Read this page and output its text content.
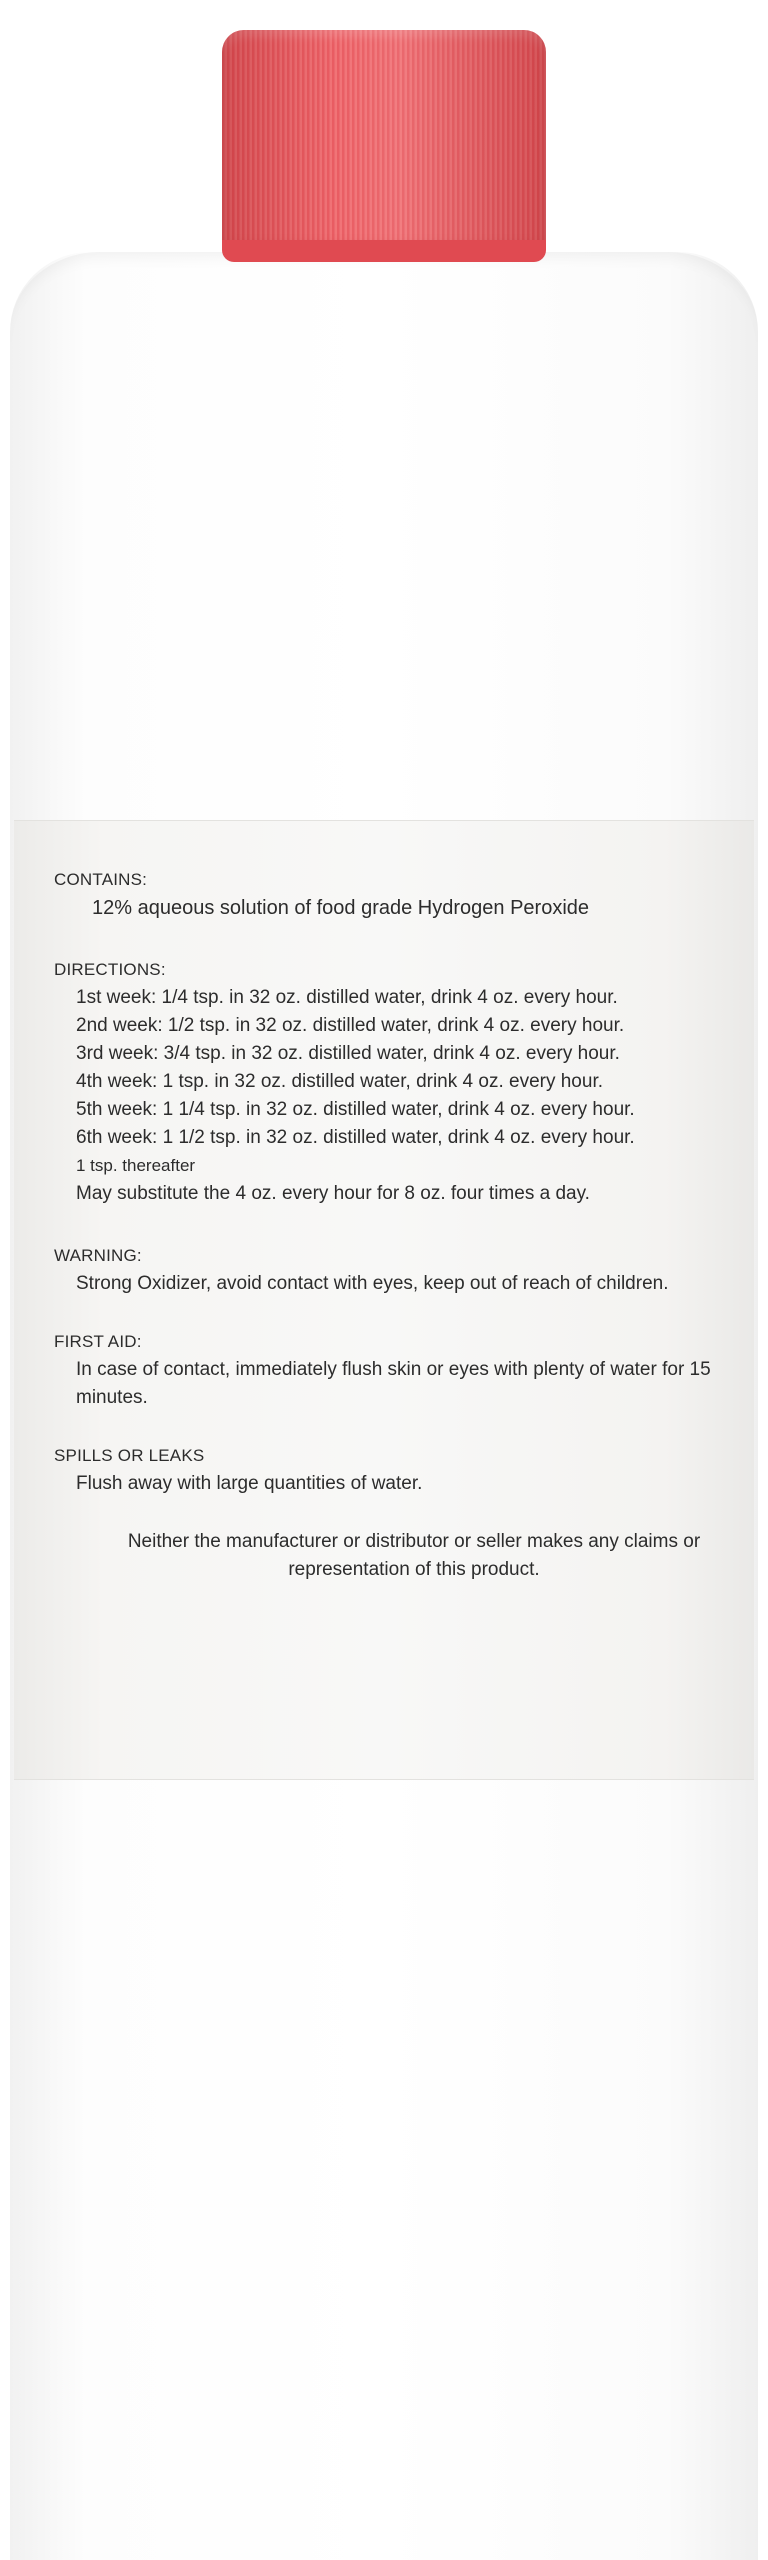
CONTAINS:

12% aqueous solution of food grade Hydrogen Peroxide

DIRECTIONS:

1st week: 1/4 tsp. in 32 oz. distilled water, drink 4 oz. every hour.

2nd week: 1/2 tsp. in 32 oz. distilled water, drink 4 oz. every hour.

3rd week: 3/4 tsp. in 32 oz. distilled water, drink 4 oz. every hour.

4th week: 1 tsp. in 32 oz. distilled water, drink 4 oz. every hour.

5th week: 1 1/4 tsp. in 32 oz. distilled water, drink 4 oz. every hour.

6th week: 1 1/2 tsp. in 32 oz. distilled water, drink 4 oz. every hour.

1 tsp. thereafter

May substitute the 4 oz. every hour for 8 oz. four times a day.

WARNING:

Strong Oxidizer, avoid contact with eyes, keep out of reach of children.

FIRST AID:

In case of contact, immediately flush skin or eyes with plenty of water for 15 minutes.

SPILLS OR LEAKS

Flush away with large quantities of water.

Neither the manufacturer or distributor or seller makes any claims or representation of this product.
